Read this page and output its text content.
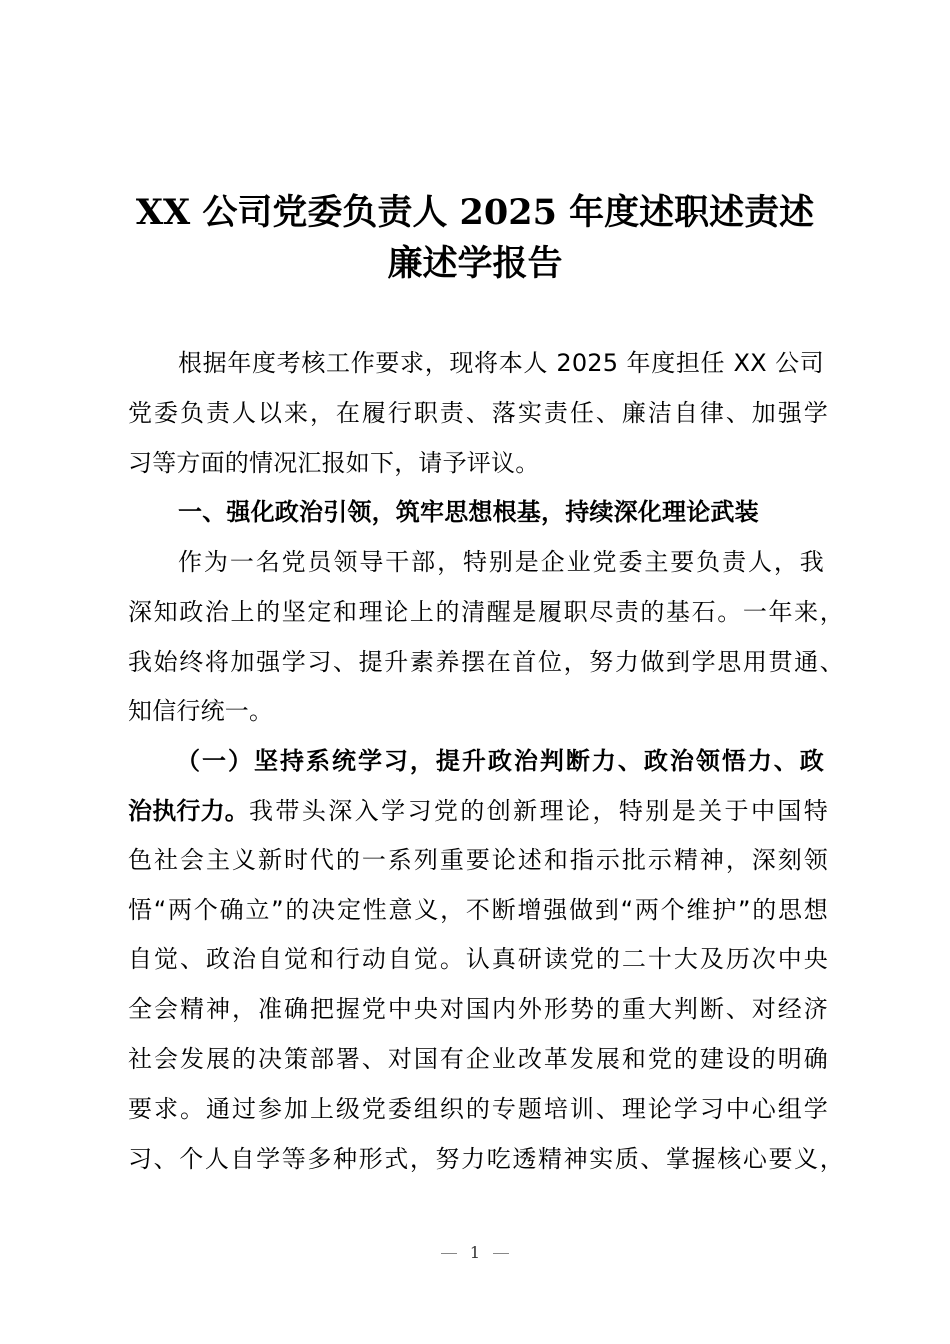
XX 公司党委负责人 2025 年度述职述责述
廉述学报告
根据年度考核工作要求，现将本人 2025 年度担任 XX 公司
党委负责人以来，在履行职责、落实责任、廉洁自律、加强学
习等方面的情况汇报如下，请予评议。
一、强化政治引领，筑牢思想根基，持续深化理论武装
作为一名党员领导干部，特别是企业党委主要负责人，我
深知政治上的坚定和理论上的清醒是履职尽责的基石。一年来，
我始终将加强学习、提升素养摆在首位，努力做到学思用贯通、
知信行统一。
（一）坚持系统学习，提升政治判断力、政治领悟力、政
治执行力。 我带头深入学习党的创新理论，特别是关于中国特
色社会主义新时代的一系列重要论述和指示批示精神，深刻领
悟“两个确立”的决定性意义，不断增强做到“两个维护”的思想
自觉、政治自觉和行动自觉。认真研读党的二十大及历次中央
全会精神，准确把握党中央对国内外形势的重大判断、对经济
社会发展的决策部署、对国有企业改革发展和党的建设的明确
要求。通过参加上级党委组织的专题培训、理论学习中心组学
习、个人自学等多种形式，努力吃透精神实质、掌握核心要义，
1
